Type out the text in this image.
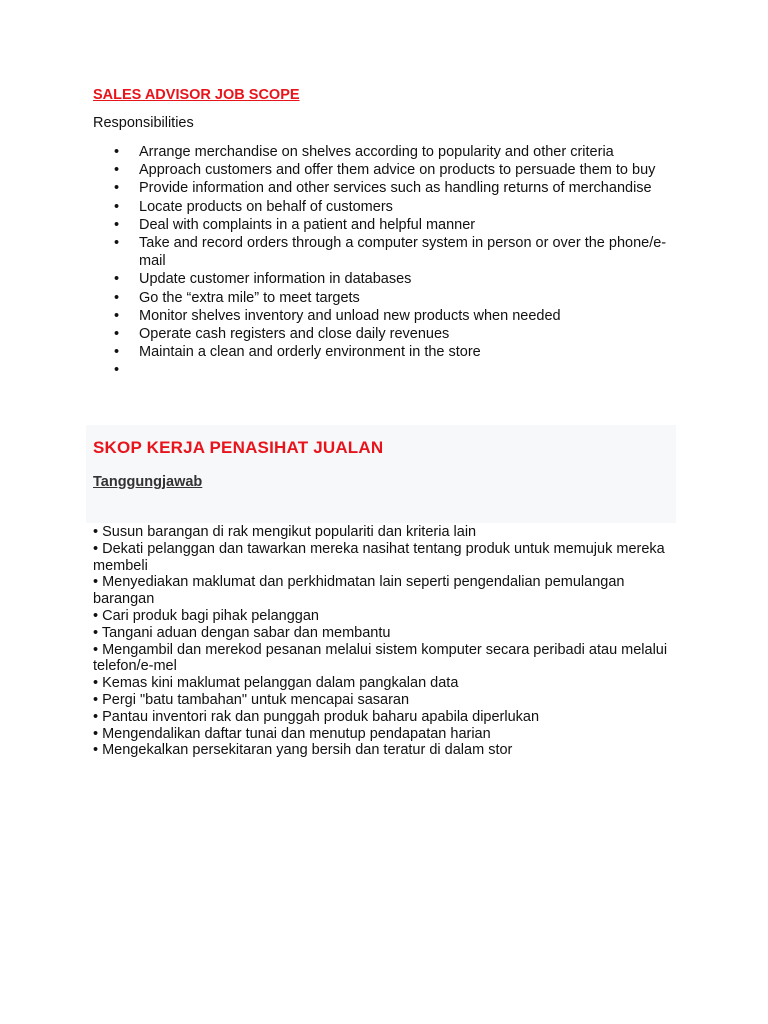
SALES ADVISOR JOB SCOPE
Responsibilities
• Arrange merchandise on shelves according to popularity and other criteria
• Approach customers and offer them advice on products to persuade them to buy
• Provide information and other services such as handling returns of merchandise
• Locate products on behalf of customers
• Deal with complaints in a patient and helpful manner
• Take and record orders through a computer system in person or over the phone/e-mail
• Update customer information in databases
• Go the “extra mile” to meet targets
• Monitor shelves inventory and unload new products when needed
• Operate cash registers and close daily revenues
• Maintain a clean and orderly environment in the store
•

SKOP KERJA PENASIHAT JUALAN
Tanggungjawab
• Susun barangan di rak mengikut populariti dan kriteria lain
• Dekati pelanggan dan tawarkan mereka nasihat tentang produk untuk memujuk mereka membeli
• Menyediakan maklumat dan perkhidmatan lain seperti pengendalian pemulangan barangan
• Cari produk bagi pihak pelanggan
• Tangani aduan dengan sabar dan membantu
• Mengambil dan merekod pesanan melalui sistem komputer secara peribadi atau melalui telefon/e-mel
• Kemas kini maklumat pelanggan dalam pangkalan data
• Pergi "batu tambahan" untuk mencapai sasaran
• Pantau inventori rak dan punggah produk baharu apabila diperlukan
• Mengendalikan daftar tunai dan menutup pendapatan harian
• Mengekalkan persekitaran yang bersih dan teratur di dalam stor
